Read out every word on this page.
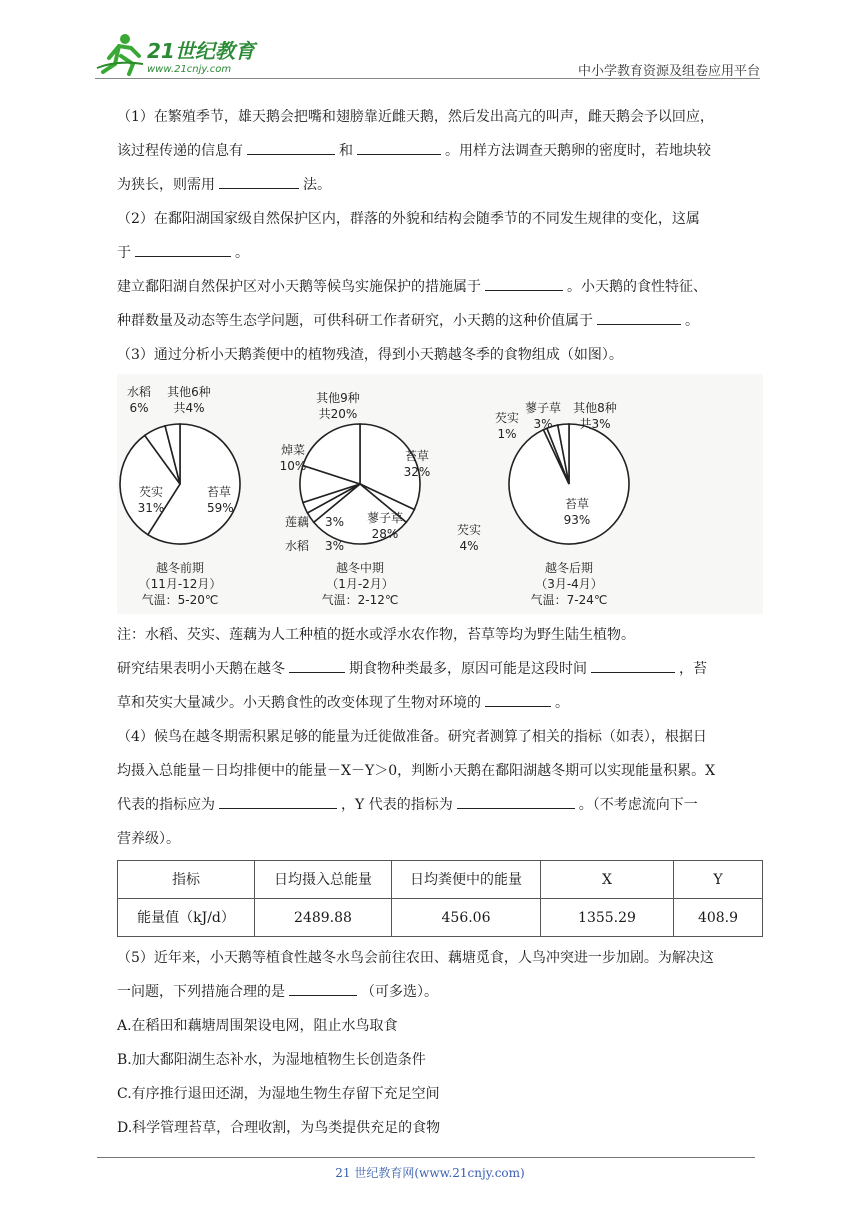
21世纪教育
www.21cnjy.com	中小学教育资源及组卷应用平台

（1）在繁殖季节，雄天鹅会把嘴和翅膀靠近雌天鹅，然后发出高亢的叫声，雌天鹅会予以回应，

该过程传递的信息有	和	。用样方法调查天鹅卵的密度时，若地块较

为狭长，则需用	法。

（2）在鄱阳湖国家级自然保护区内，群落的外貌和结构会随季节的不同发生规律的变化，这属

于	。

建立鄱阳湖自然保护区对小天鹅等候鸟实施保护的措施属于	。小天鹅的食性特征、

种群数量及动态等生态学问题，可供科研工作者研究，小天鹅的这种价值属于	。

（3）通过分析小天鹅粪便中的植物残渣，得到小天鹅越冬季的食物组成（如图）。

苔草
59%
芡实
31%
水稻
6%
其他6种
共4%
越冬前期
（11月-12月）
气温：5-20℃
苔草
32%
芡实
4%
蓼子草
28%
水稻 3%
莲藕 3%
焯菜
10%
其他9种
共20%
越冬中期
（1月-2月）
气温：2-12℃
苔草
93%
芡实
1%
蓼子草
3%
其他8种
共3%
越冬后期
（3月-4月）
气温：7-24℃

注：水稻、芡实、莲藕为人工种植的挺水或浮水农作物，苔草等均为野生陆生植物。

研究结果表明小天鹅在越冬	期食物种类最多，原因可能是这段时间	，苔

草和芡实大量减少。小天鹅食性的改变体现了生物对环境的	。

（4）候鸟在越冬期需积累足够的能量为迁徙做准备。研究者测算了相关的指标（如表），根据日

均摄入总能量－日均排便中的能量－X－Y＞0，判断小天鹅在鄱阳湖越冬期可以实现能量积累。X

代表的指标应为	，Y 代表的指标为	。（不考虑流向下一

营养级）。

指标	日均摄入总能量	日均粪便中的能量	X	Y
能量值（kJ/d）	2489.88	456.06	1355.29	408.9

（5）近年来，小天鹅等植食性越冬水鸟会前往农田、藕塘觅食，人鸟冲突进一步加剧。为解决这

一问题，下列措施合理的是	（可多选）。

A.在稻田和藕塘周围架设电网，阻止水鸟取食

B.加大鄱阳湖生态补水，为湿地植物生长创造条件

C.有序推行退田还湖，为湿地生物生存留下充足空间

D.科学管理苔草，合理收割，为鸟类提供充足的食物

21 世纪教育网(www.21cnjy.com)
